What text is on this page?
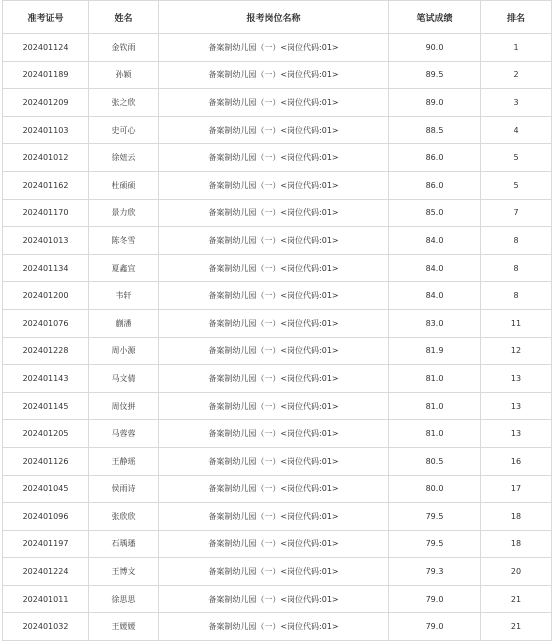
准考证号	姓名	报考岗位名称	笔试成绩	排名
202401124	金钦雨	备案制幼儿园（一）<岗位代码:01>	90.0	1
202401189	孙颖	备案制幼儿园（一）<岗位代码:01>	89.5	2
202401209	张之欣	备案制幼儿园（一）<岗位代码:01>	89.0	3
202401103	史可心	备案制幼儿园（一）<岗位代码:01>	88.5	4
202401012	徐妞云	备案制幼儿园（一）<岗位代码:01>	86.0	5
202401162	杜硕硕	备案制幼儿园（一）<岗位代码:01>	86.0	5
202401170	景力欣	备案制幼儿园（一）<岗位代码:01>	85.0	7
202401013	陈冬雪	备案制幼儿园（一）<岗位代码:01>	84.0	8
202401134	夏鑫宜	备案制幼儿园（一）<岗位代码:01>	84.0	8
202401200	韦轩	备案制幼儿园（一）<岗位代码:01>	84.0	8
202401076	蒯潘	备案制幼儿园（一）<岗位代码:01>	83.0	11
202401228	周小源	备案制幼儿园（一）<岗位代码:01>	81.9	12
202401143	马文倩	备案制幼儿园（一）<岗位代码:01>	81.0	13
202401145	周伩拼	备案制幼儿园（一）<岗位代码:01>	81.0	13
202401205	马蓉蓉	备案制幼儿园（一）<岗位代码:01>	81.0	13
202401126	王静瑶	备案制幼儿园（一）<岗位代码:01>	80.5	16
202401045	侯雨诗	备案制幼儿园（一）<岗位代码:01>	80.0	17
202401096	张欣欣	备案制幼儿园（一）<岗位代码:01>	79.5	18
202401197	石瑀璠	备案制幼儿园（一）<岗位代码:01>	79.5	18
202401224	王博文	备案制幼儿园（一）<岗位代码:01>	79.3	20
202401011	徐思思	备案制幼儿园（一）<岗位代码:01>	79.0	21
202401032	王媛媛	备案制幼儿园（一）<岗位代码:01>	79.0	21
